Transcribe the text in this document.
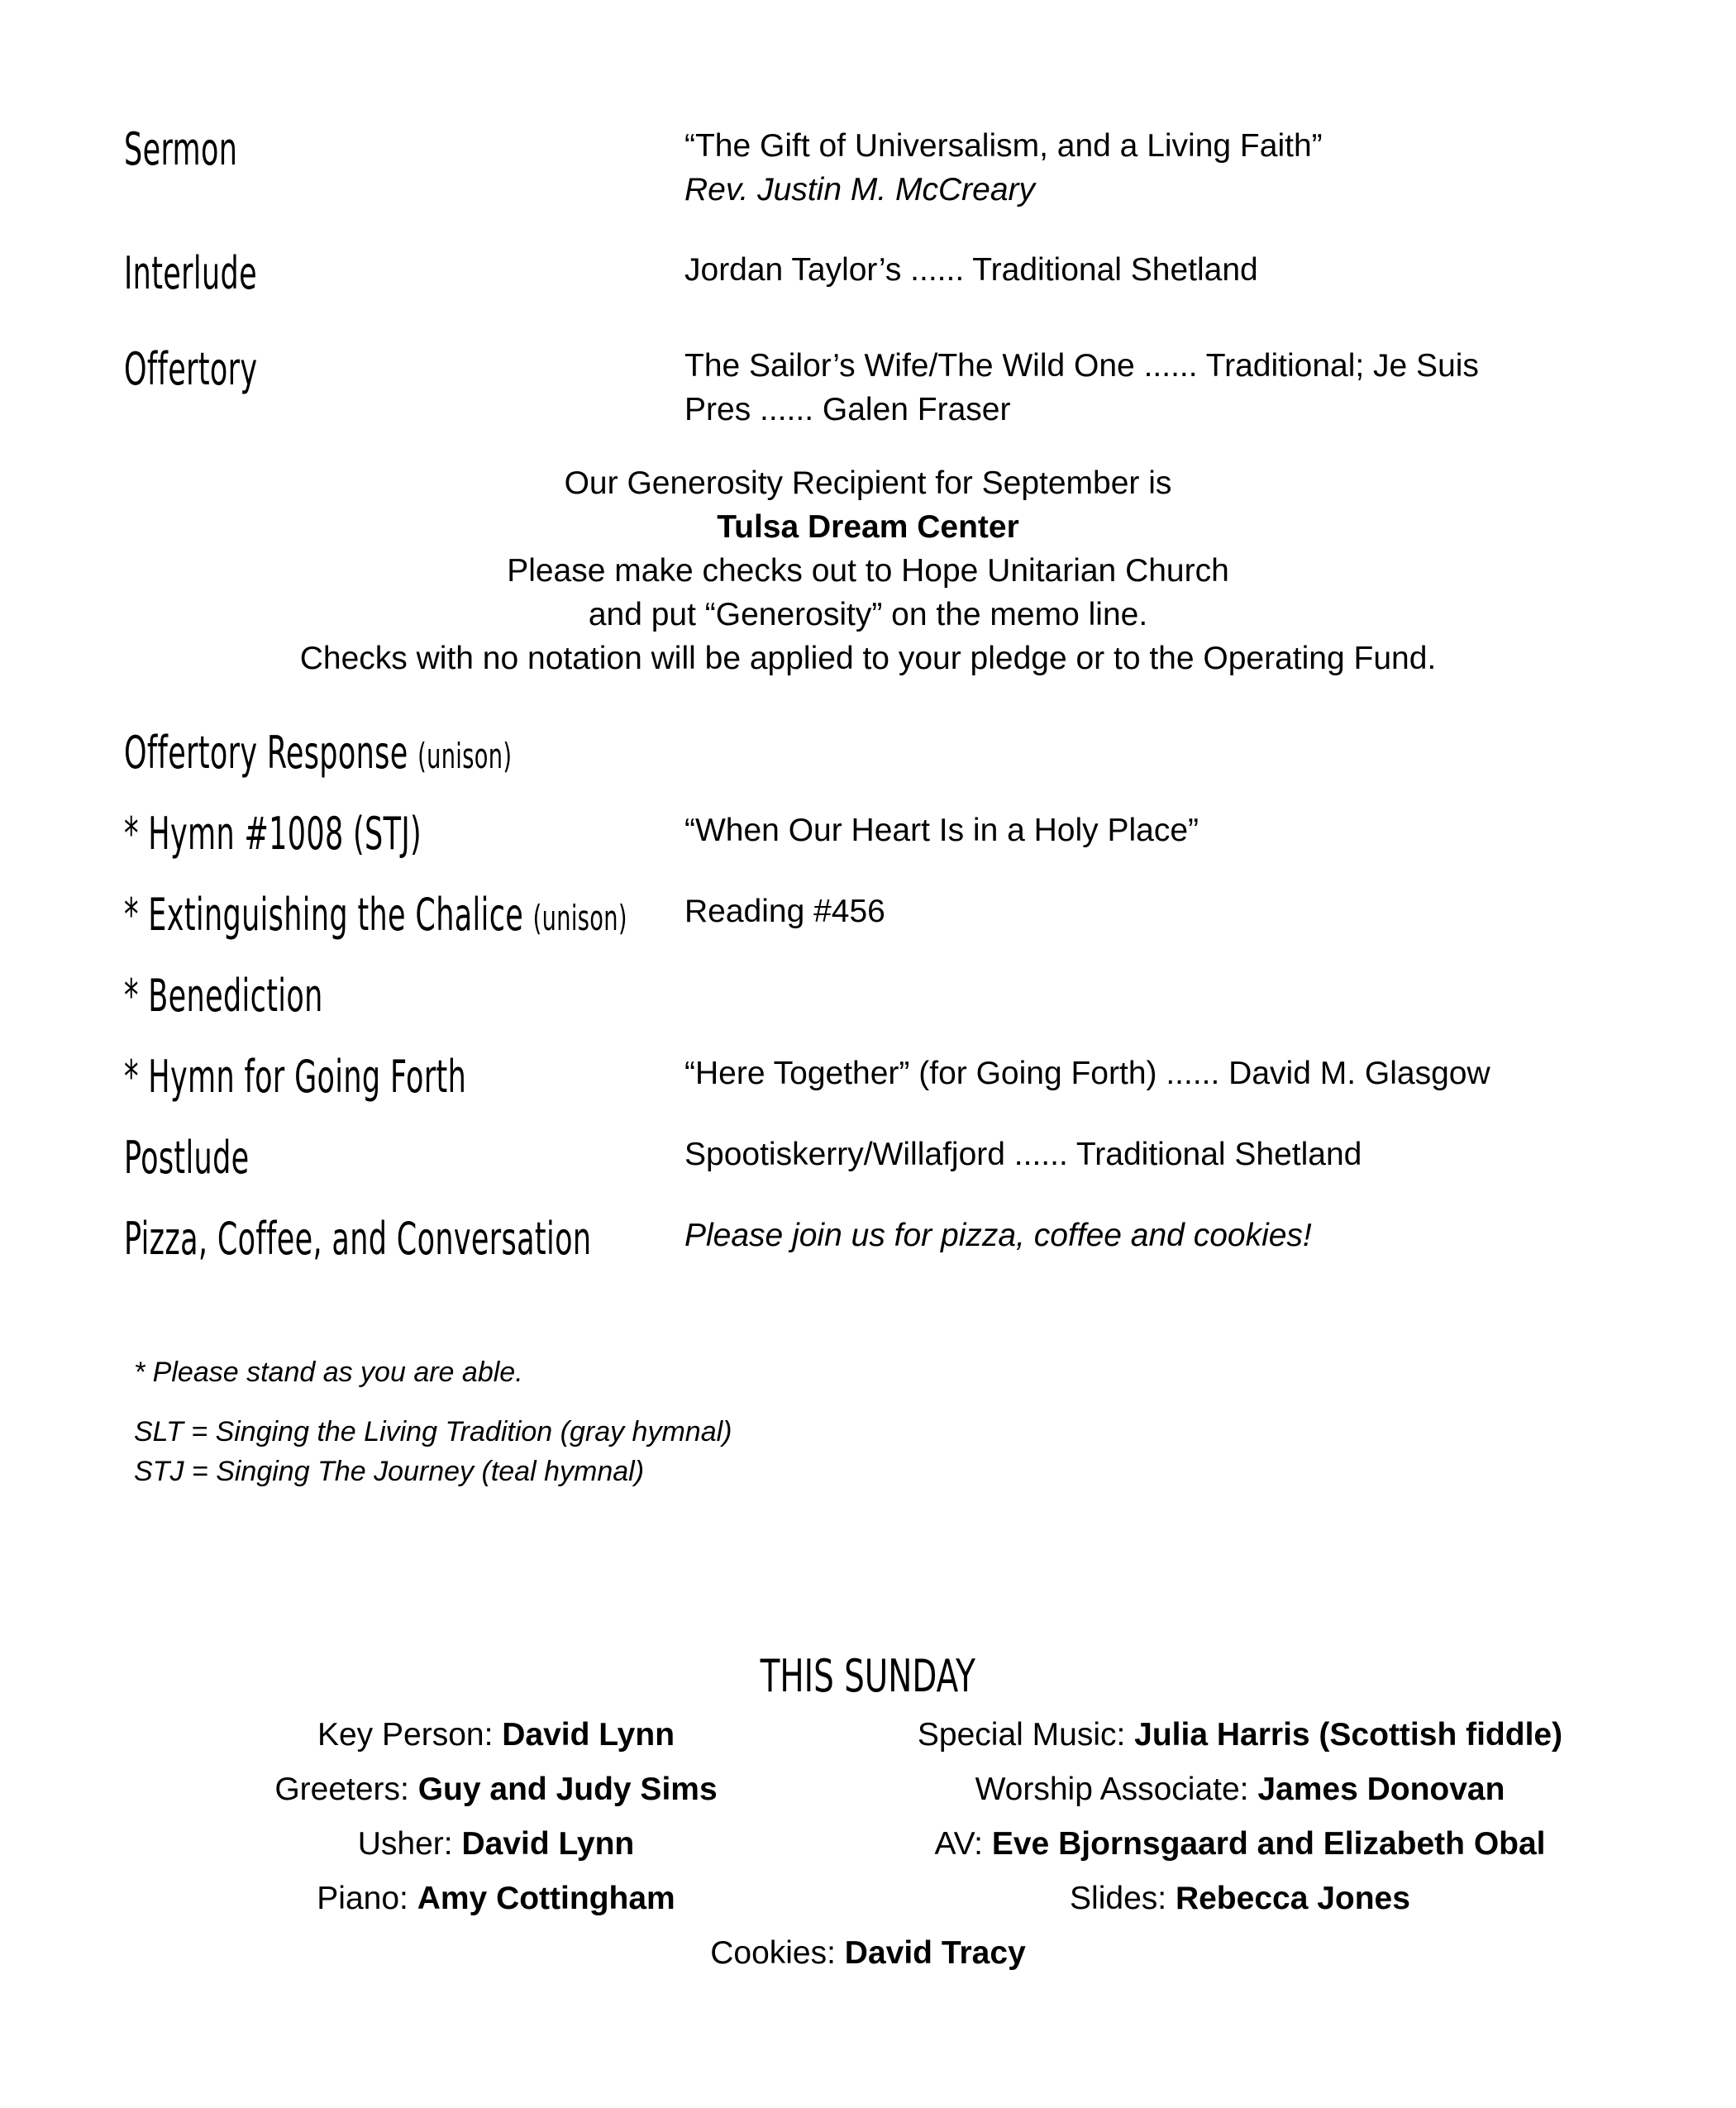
Sermon	“The Gift of Universalism, and a Living Faith”
Rev. Justin M. McCreary
Interlude	Jordan Taylor’s ...... Traditional Shetland
Offertory	The Sailor’s Wife/The Wild One ...... Traditional; Je Suis
Pres ...... Galen Fraser
Our Generosity Recipient for September is
Tulsa Dream Center
Please make checks out to Hope Unitarian Church
and put “Generosity” on the memo line.
Checks with no notation will be applied to your pledge or to the Operating Fund.
Offertory Response (unison)
* Hymn #1008 (STJ)	“When Our Heart Is in a Holy Place”
* Extinguishing the Chalice (unison) Reading #456
* Benediction
* Hymn for Going Forth	“Here Together” (for Going Forth) ...... David M. Glasgow
Postlude	Spootiskerry/Willafjord ...... Traditional Shetland
Pizza, Coffee, and Conversation	Please join us for pizza, coffee and cookies!
* Please stand as you are able.
SLT = Singing the Living Tradition (gray hymnal)
STJ = Singing The Journey (teal hymnal)
THIS SUNDAY
Key Person: David Lynn
Greeters: Guy and Judy Sims
Usher: David Lynn
Piano: Amy Cottingham
Special Music: Julia Harris (Scottish fiddle)
Worship Associate: James Donovan
AV: Eve Bjornsgaard and Elizabeth Obal
Slides: Rebecca Jones
Cookies: David Tracy
